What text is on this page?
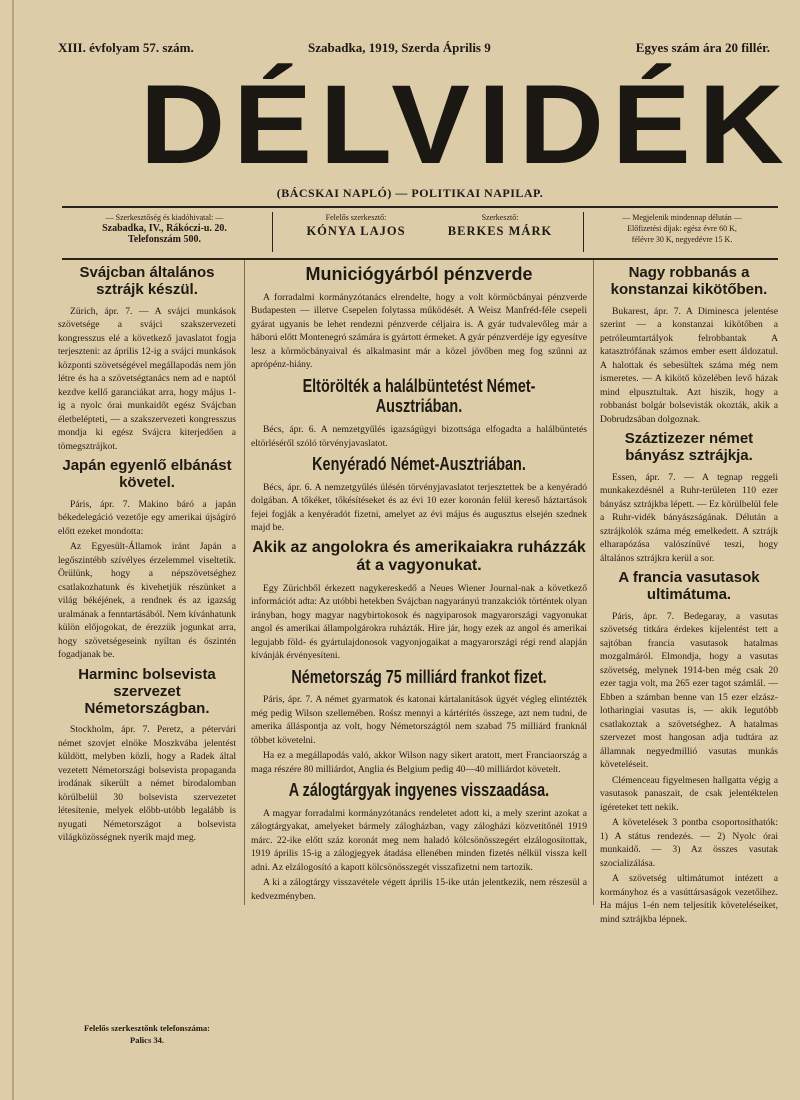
XIII. évfolyam 57. szám.	Szabadka, 1919, Szerda Április 9	Egyes szám ára 20 fillér.
DÉLVIDÉK
(BÁCSKAI NAPLÓ) — POLITIKAI NAPILAP.
— Szerkesztőség és kiadóhivatal: —
Szabadka, IV., Rákóczi-u. 20.
Telefonszám 500.
Felelős szerkesztő:
KÓNYA LAJOS
Szerkesztő:
BERKES MÁRK
— Megjelenik mindennap délután —
Előfizetési díjak: egész évre 60 K,
félévre 30 K, negyedévre 15 K.
Svájcban általános sztrájk készül.

Zürich, ápr. 7. — A svájci munkások szövetsége a svájci szakszervezeti kongresszus elé a következő javaslatot fogja terjeszteni: az április 12-ig a svájci munkások központi szövetségével megállapodás nem jön létre és ha a szövetségtanács nem ad e naptól kezdve kellő garanciákat arra, hogy május 1-ig a nyolc órai munkaidőt egész Svájcban életbelépteti, — a szakszervezeti kongresszus mondja ki egész Svájcra kiterjedően a tömegsztrájkot.

Japán egyenlő elbánást követel.

Páris, ápr. 7. Makino báró a japán békedelegáció vezetője egy amerikai újságíró előtt ezeket mondotta:

Az Egyesült-Államok iránt Japán a legőszintébb szívélyes érzelemmel viseltetik. Örülünk, hogy a népszövetséghez csatlakozhatunk és kivehetjük részünket a világ békéjének, a rendnek és az igazság uralmának a fenntartásából. Nem kívánhatunk külön előjogokat, de érezzük jogunkat arra, hogy szövetségeseink nyíltan és őszintén fogadjanak be.

Harminc bolsevista szervezet Németországban.

Stockholm, ápr. 7. Peretz, a pétervári német szovjet elnöke Moszkvába jelentést küldött, melyben közli, hogy a Radek által vezetett Németországi bolsevista propaganda irodának sikerült a német birodalomban körülbelül 30 bolsevista szervezetet létesítenie, melyek előbb-utóbb legalább is nyugati Németországot a bolsevista világközösségnek nyerik majd meg.

Felelős szerkesztőnk telefonszáma:
Palics 34.
Municiógyárból pénzverde

A forradalmi kormányzótanács elrendelte, hogy a volt körmöcbányai pénzverde Budapesten — illetve Csepelen folytassa működését. A Weisz Manfréd-féle csepeli gyárat ugyanis be lehet rendezni pénzverde céljaira is. A gyár tudvalevőleg már a háború előtt Montenegró számára is gyártott érmeket. A gyár pénzverdéje így egyesítve lesz a körmöcbányaival és alkalmasint már a közel jövőben meg fog szűnni az aprópénz-hiány.

Eltörölték a halálbüntetést Német-Ausztriában.

Bécs, ápr. 6. A nemzetgyűlés igazságügyi bizottsága elfogadta a halálbüntetés eltörléséről szóló törvényjavaslatot.

Kenyéradó Német-Ausztriában.

Bécs, ápr. 6. A nemzetgyűlés ülésén törvényjavaslatot terjesztettek be a kenyéradó dolgában. A tőkéket, tőkésítéseket és az évi 10 ezer koronán felül kereső háztartások fejei fogják a kenyéradót fizetni, amelyet az évi május és augusztus elsején szednek majd be.

Akik az angolokra és amerikaiakra ruházzák át a vagyonukat.

Egy Zürichből érkezett nagykereskedő a Neues Wiener Journal-nak a következő információt adta: Az utóbbi hetekben Svájcban nagyarányú tranzakciók történtek olyan irányban, hogy magyar nagybirtokosok és nagyiparosok magyarországi vagyonukat angol és amerikai állampolgárokra ruházták. Hire jár, hogy ezek az angol és amerikai legujabb föld- és gyártulajdonosok vagyonjogaikat a magyarországi régi rend alapján kívánják érvényesíteni.

Németország 75 milliárd frankot fizet.

Páris, ápr. 7. A német gyarmatok és katonai kártalanítások ügyét végleg elintézték még pedig Wilson szellemében. Rośsz mennyi a kártérítés összege, azt nem tudni, de amerika álláspontja az volt, hogy Németországtól nem szabad 75 milliárd franknál többet követelni.

Ha ez a megállapodás való, akkor Wilson nagy sikert aratott, mert Franciaország a maga részére 80 milliárdot, Anglia és Belgium pedig 40—40 milliárdot követelt.

A zálogtárgyak ingyenes visszaadása.

A magyar forradalmi kormányzótanács rendeletet adott ki, a mely szerint azokat a zálogtárgyakat, amelyeket bármely zálogházban, vagy zálogházi közvetítőnél 1919 márc. 22-ike előtt száz koronát meg nem haladó kölcsönösszegért elzálogosítottak, 1919 április 15-ig a zálogjegyek átadása ellenében minden fizetés nélkül vissza kell adni. Az elzálogosító a kapott kölcsönösszegét visszafizetni nem tartozik.

A ki a zálogtárgy visszavétele végett április 15-ike után jelentkezik, nem részesül a kedvezményben.

Nagy robbanás a konstanzai kikötőben.

Bukarest, ápr. 7. A Diminesca jelentése szerint — a konstanzai kikötőben a petróleumtartályok felrobbantak A katasztrófának számos ember esett áldozatul. A halottak és sebesültek száma még nem ismeretes. — A kikötő közelében levő házak mind elpusztultak. Azt hiszik, hogy a robbanást bolgár bolsevisták okozták, akik a Dobrudzsában dolgoznak.

Száztizezer német bányász sztrájkja.

Essen, ápr. 7. — A tegnap reggeli munkakezdésnél a Ruhr-területen 110 ezer bányász sztrájkba lépett. — Ez körülbelül fele a Ruhr-vidék bányászságának. Délután a sztrájkolók száma még emelkedett. A sztrájk elharapózása valószínűvé teszi, hogy általános sztrájkra kerül a sor.

A francia vasutasok ultimátuma.

Páris, ápr. 7. Bedegaray, a vasutas szövetség titkára érdekes kijelentést tett a sajtóban francia vasutasok hatalmas mozgalmáról. Elmondja, hogy a vasutas szövetség, melynek 1914-ben még csak 20 ezer tagja volt, ma 265 ezer tagot számlál. — Ebben a számban benne van 15 ezer elzász-lotharingiai vasutas is, — akik legutóbb csatlakoztak a szövetséghez. A hatalmas szervezet most hangosan adja tudtára az államnak negyedmillió vasutas munkás követeléseit.

Clémenceau figyelmesen hallgatta végig a vasutasok panaszait, de csak jelentéktelen ígéreteket tett nekik.

A követelések 3 pontba csoportosíthatók: 1) A státus rendezés. — 2) Nyolc órai munkaidő. — 3) Az összes vasutak szocializálása.

A szövetség ultimátumot intézett a kormányhoz és a vasúttársaságok vezetőihez. Ha május 1-én nem teljesítik követeléseiket, mind sztrájkba lépnek.
